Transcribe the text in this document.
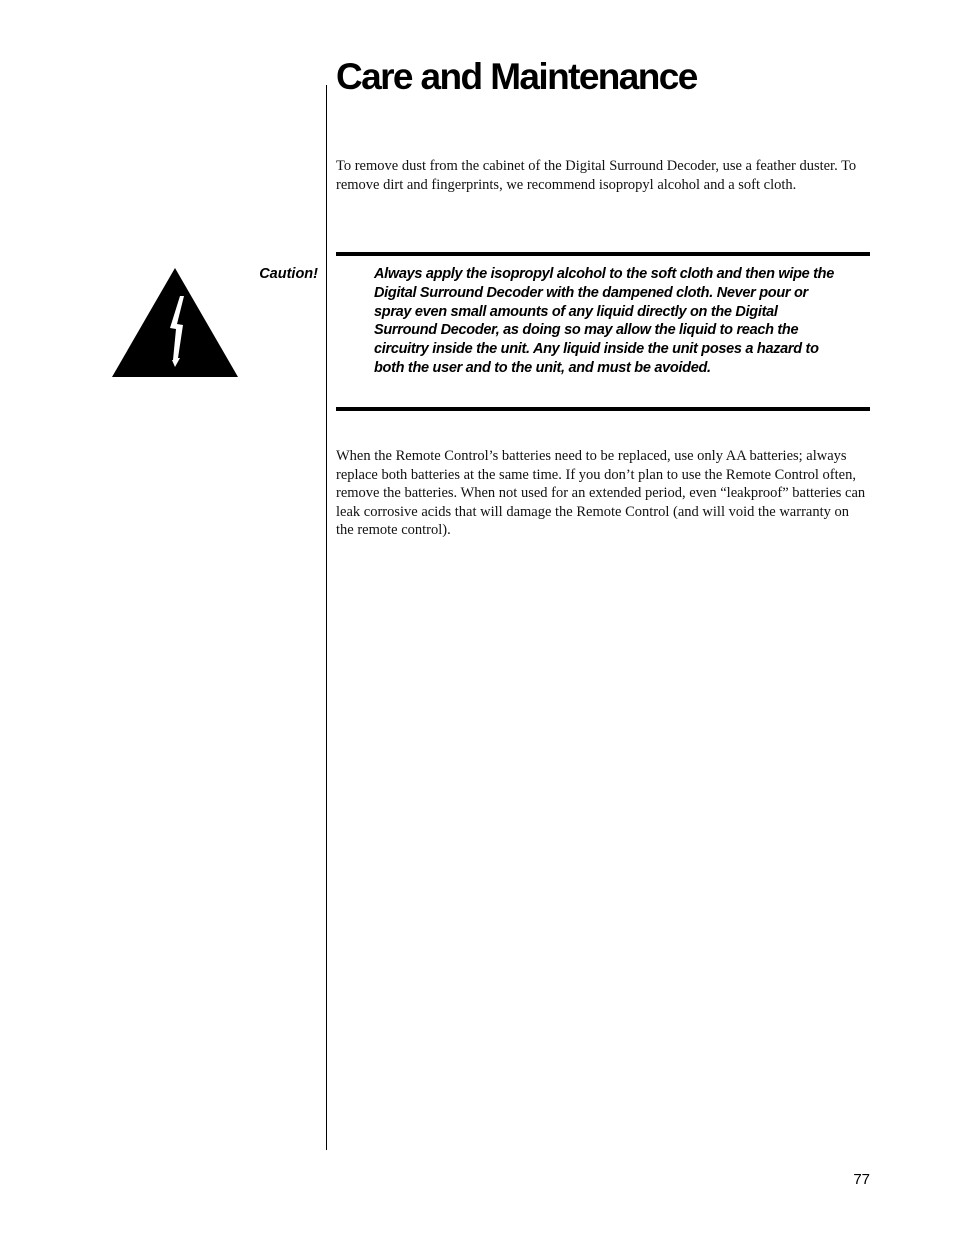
Care and Maintenance

To remove dust from the cabinet of the Digital Surround Decoder, use a feather duster. To remove dirt and fingerprints, we recommend isopropyl alcohol and a soft cloth.

Caution!	Always apply the isopropyl alcohol to the soft cloth and then wipe the Digital Surround Decoder with the dampened cloth. Never pour or spray even small amounts of any liquid directly on the Digital Surround Decoder, as doing so may allow the liquid to reach the circuitry inside the unit. Any liquid inside the unit poses a hazard to both the user and to the unit, and must be avoided.

When the Remote Control’s batteries need to be replaced, use only AA batteries; always replace both batteries at the same time. If you don’t plan to use the Remote Control often, remove the batteries. When not used for an extended period, even “leakproof” batteries can leak corrosive acids that will damage the Remote Control (and will void the warranty on the remote control).

77
